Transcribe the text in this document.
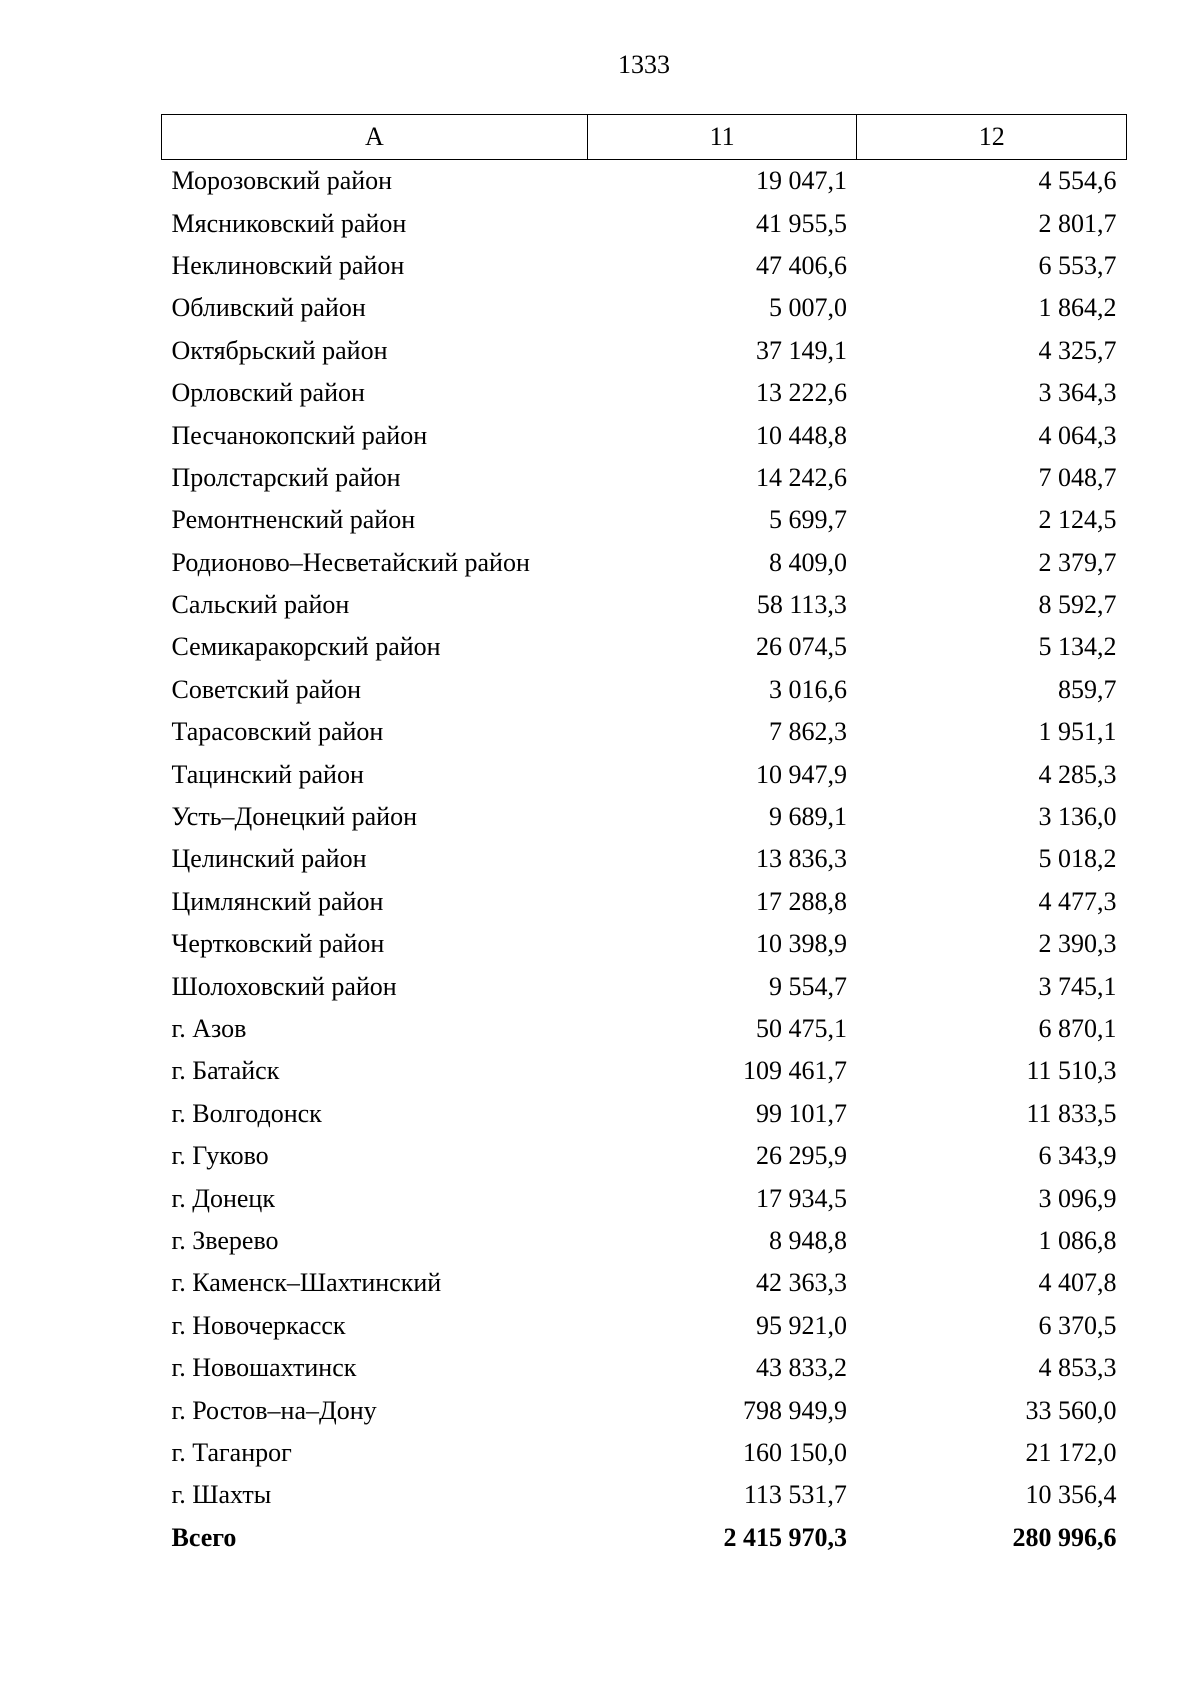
1333
А	11	12
Морозовский район	19 047,1	4 554,6
Мясниковский район	41 955,5	2 801,7
Неклиновский район	47 406,6	6 553,7
Обливский район	5 007,0	1 864,2
Октябрьский район	37 149,1	4 325,7
Орловский район	13 222,6	3 364,3
Песчанокопский район	10 448,8	4 064,3
Пролстарский район	14 242,6	7 048,7
Ремонтненский район	5 699,7	2 124,5
Родионово–Несветайский район	8 409,0	2 379,7
Сальский район	58 113,3	8 592,7
Семикаракорский район	26 074,5	5 134,2
Советский район	3 016,6	859,7
Тарасовский район	7 862,3	1 951,1
Тацинский район	10 947,9	4 285,3
Усть–Донецкий район	9 689,1	3 136,0
Целинский район	13 836,3	5 018,2
Цимлянский район	17 288,8	4 477,3
Чертковский район	10 398,9	2 390,3
Шолоховский район	9 554,7	3 745,1
г. Азов	50 475,1	6 870,1
г. Батайск	109 461,7	11 510,3
г. Волгодонск	99 101,7	11 833,5
г. Гуково	26 295,9	6 343,9
г. Донецк	17 934,5	3 096,9
г. Зверево	8 948,8	1 086,8
г. Каменск–Шахтинский	42 363,3	4 407,8
г. Новочеркасск	95 921,0	6 370,5
г. Новошахтинск	43 833,2	4 853,3
г. Ростов–на–Дону	798 949,9	33 560,0
г. Таганрог	160 150,0	21 172,0
г. Шахты	113 531,7	10 356,4
Всего	2 415 970,3	280 996,6
